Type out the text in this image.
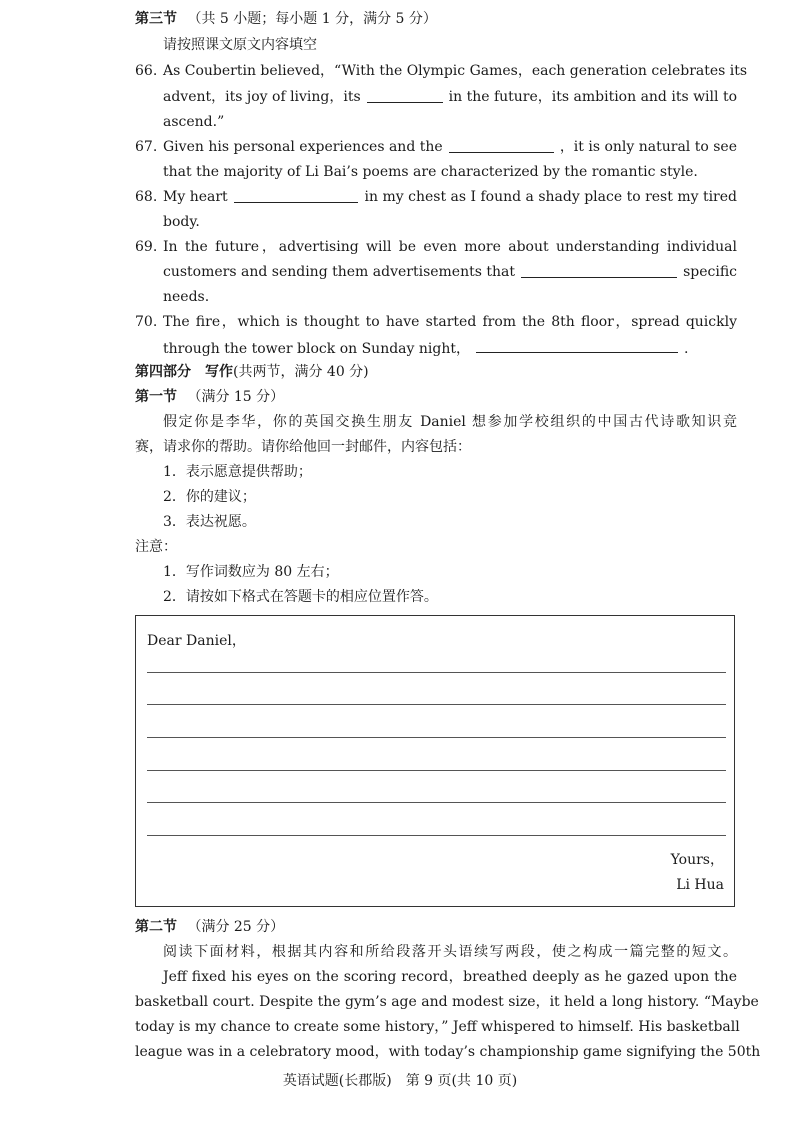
第三节 （共 5 小题；每小题 1 分，满分 5 分）
请按照课文原文内容填空
66. As Coubertin believed，“With the Olympic Games，each generation celebrates its
advent，its joy of living，its	in the future，its ambition and its will to
ascend.”
67. Given his personal experiences and the	，it is only natural to see
that the majority of Li Bai’s poems are characterized by the romantic style.
68. My heart	in my chest as I found a shady place to rest my tired
body.
69. In the future，advertising will be even more about understanding individual
customers and sending them advertisements that	specific
needs.
70. The fire，which is thought to have started from the 8th floor，spread quickly
through the tower block on Sunday night，	.
第四部分　写作(共两节，满分 40 分)
第一节 （满分 15 分）
假定你是李华，你的英国交换生朋友 Daniel 想参加学校组织的中国古代诗歌知识竞
赛，请求你的帮助。请你给他回一封邮件，内容包括：
1．表示愿意提供帮助；
2．你的建议；
3．表达祝愿。
注意：
1．写作词数应为 80 左右；
2．请按如下格式在答题卡的相应位置作答。
Dear Daniel，
Yours，
Li Hua
第二节 （满分 25 分）
阅读下面材料，根据其内容和所给段落开头语续写两段，使之构成一篇完整的短文。
Jeff fixed his eyes on the scoring record，breathed deeply as he gazed upon the
basketball court. Despite the gym’s age and modest size，it held a long history. “Maybe
today is my chance to create some history，” Jeff whispered to himself. His basketball
league was in a celebratory mood，with today’s championship game signifying the 50th
英语试题(长郡版)　第 9 页(共 10 页)
